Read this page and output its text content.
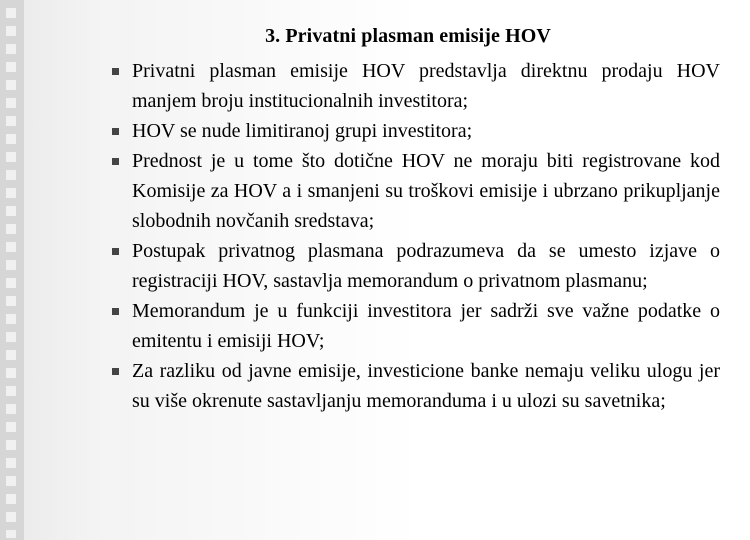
3. Privatni plasman emisije HOV
Privatni plasman emisije HOV predstavlja direktnu prodaju HOV manjem broju institucionalnih investitora;
HOV se nude limitiranoj grupi investitora;
Prednost je u tome što dotične HOV ne moraju biti registrovane kod Komisije za HOV a i smanjeni su troškovi emisije i ubrzano prikupljanje slobodnih novčanih sredstava;
Postupak privatnog plasmana podrazumeva da se umesto izjave o registraciji HOV, sastavlja memorandum o privatnom plasmanu;
Memorandum je u funkciji investitora jer sadrži sve važne podatke o emitentu i emisiji HOV;
Za razliku od javne emisije, investicione banke nemaju veliku ulogu jer su više okrenute sastavljanju memoranduma i u ulozi su savetnika;
